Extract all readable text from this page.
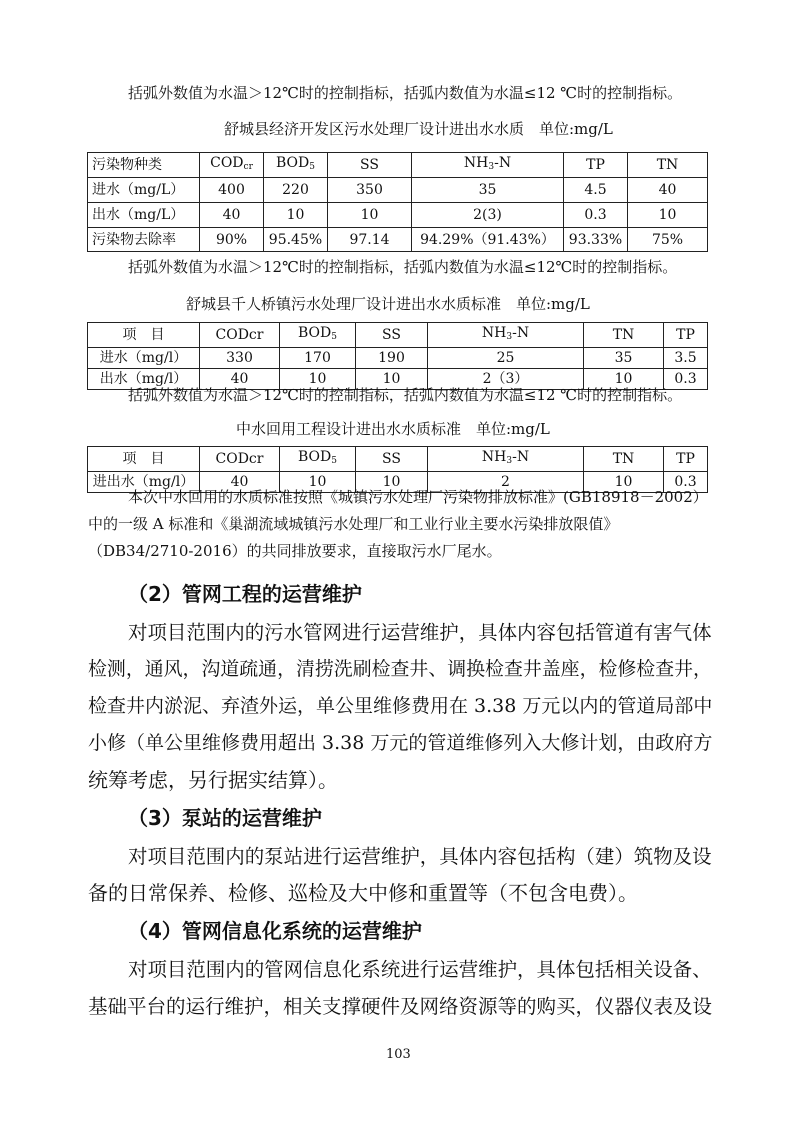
括弧外数值为水温＞12℃时的控制指标，括弧内数值为水温≤12 ℃时的控制指标。
舒城县经济开发区污水处理厂设计进出水水质　单位:mg/L
污染物种类	$COD_{cr}$	$BOD_5$	SS	$NH_3-N$	TP	TN
进水（mg/L）	400	220	350	35	4.5	40
出水（mg/L）	40	10	10	2(3)	0.3	10
污染物去除率	90%	95.45%	97.14	94.29%（91.43%）	93.33%	75%
括弧外数值为水温＞12℃时的控制指标，括弧内数值为水温≤12℃时的控制指标。
舒城县千人桥镇污水处理厂设计进出水水质标准　单位:mg/L
项　目	CODcr	$BOD_5$	SS	$NH_3-N$	TN	TP
进水（mg/l）	330	170	190	25	35	3.5
出水（mg/l）	40	10	10	2（3）	10	0.3
括弧外数值为水温＞12℃时的控制指标，括弧内数值为水温≤12 ℃时的控制指标。
中水回用工程设计进出水水质标准　单位:mg/L
项　目	CODcr	$BOD_5$	SS	$NH_3-N$	TN	TP
进出水（mg/l）	40	10	10	2	10	0.3
本次中水回用的水质标准按照《城镇污水处理厂污染物排放标准》(GB18918－2002）
中的一级 A 标准和《巢湖流域城镇污水处理厂和工业行业主要水污染排放限值》
（DB34/2710-2016）的共同排放要求，直接取污水厂尾水。
（2）管网工程的运营维护
对项目范围内的污水管网进行运营维护，具体内容包括管道有害气体
检测，通风，沟道疏通，清捞洗刷检查井、调换检查井盖座，检修检查井，
检查井内淤泥、弃渣外运，单公里维修费用在 3.38 万元以内的管道局部中
小修（单公里维修费用超出 3.38 万元的管道维修列入大修计划，由政府方
统筹考虑，另行据实结算）。
（3）泵站的运营维护
对项目范围内的泵站进行运营维护，具体内容包括构（建）筑物及设
备的日常保养、检修、巡检及大中修和重置等（不包含电费）。
（4）管网信息化系统的运营维护
对项目范围内的管网信息化系统进行运营维护，具体包括相关设备、
基础平台的运行维护，相关支撑硬件及网络资源等的购买，仪器仪表及设
103
